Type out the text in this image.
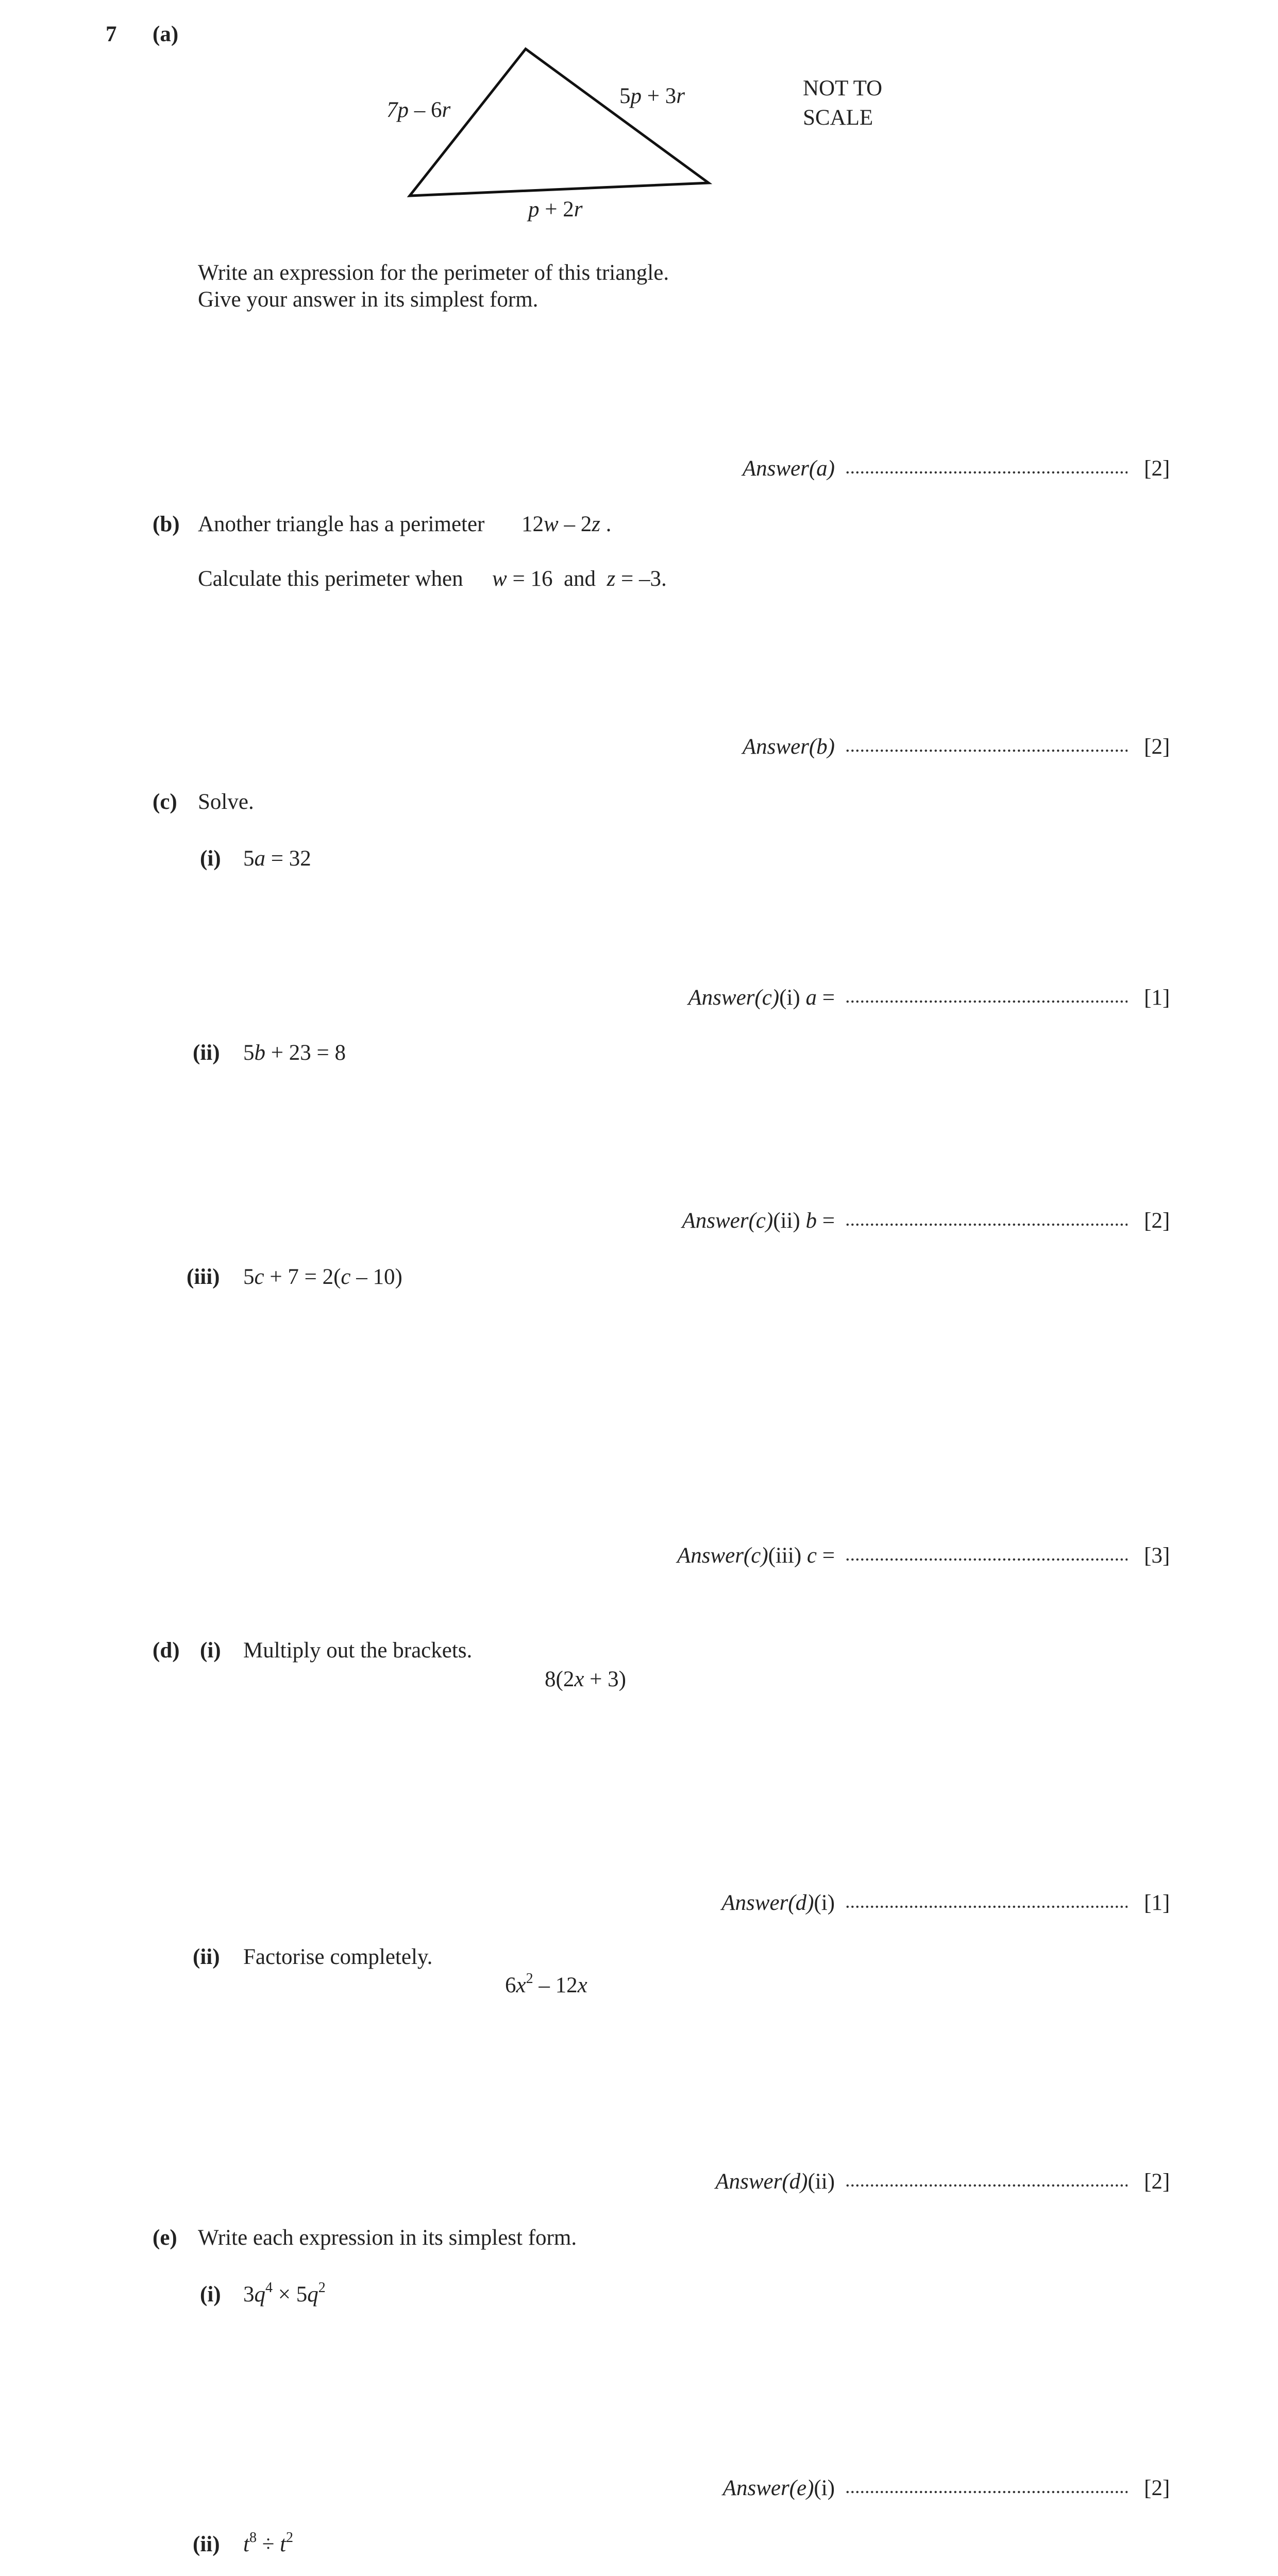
7 (a)
7p – 6r
5p + 3r
p + 2r
NOT TO
SCALE
Write an expression for the perimeter of this triangle.
Give your answer in its simplest form.
Answer(a)	[2]
(b) Another triangle has a perimeter 12w – 2z .
Calculate this perimeter when w = 16  and  z = –3.
Answer(b)	[2]
(c) Solve.
(i) 5a = 32
Answer(c)(i) a =	[1]
(ii) 5b + 23 = 8
Answer(c)(ii) b =	[2]
(iii) 5c + 7 = 2(c – 10)
Answer(c)(iii) c =	[3]
(d) (i) Multiply out the brackets.
8(2x + 3)
Answer(d)(i)	[1]
(ii) Factorise completely.
$6x^2 - 12x$
Answer(d)(ii)	[2]
(e) Write each expression in its simplest form.
(i) $3q^4 \times 5q^2$
Answer(e)(i)	[2]
(ii) $t^8 \div t^2$
